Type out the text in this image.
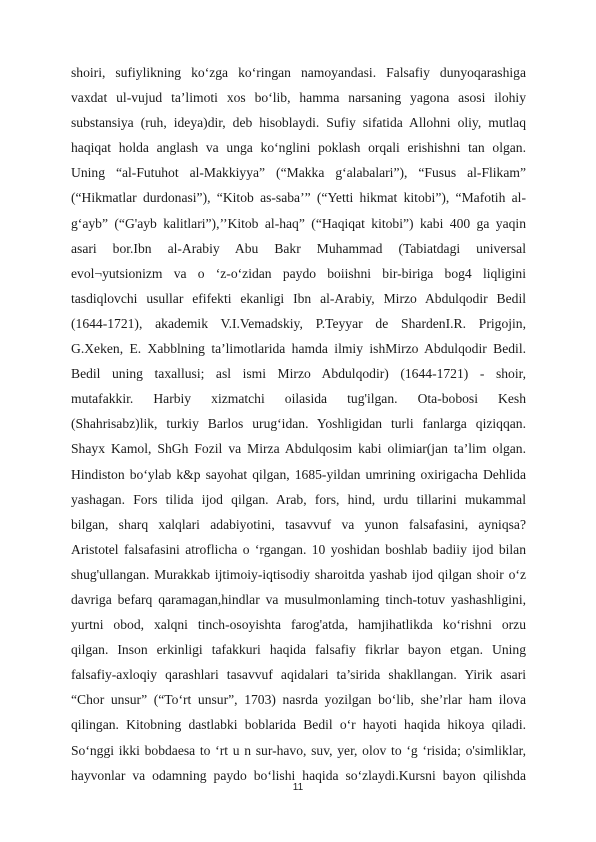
shoiri, sufiylikning ko‘zga ko‘ringan namoyandasi. Falsafiy dunyoqarashiga
vaxdat ul-vujud ta’limoti xos bo‘lib, hamma narsaning yagona asosi ilohiy
substansiya (ruh, ideya)dir, deb hisoblaydi. Sufiy sifatida Allohni oliy, mutlaq
haqiqat holda anglash va unga ko‘nglini poklash orqali erishishni tan olgan.
Uning “al-Futuhot al-Makkiyya” (“Makka g‘alabalari”), “Fusus al-Flikam”
(“Hikmatlar durdonasi”), “Kitob as-saba’” (“Yetti hikmat kitobi”), “Mafotih al-
g‘ayb” (“G'ayb kalitlari”),’’Kitob al-haq” (“Haqiqat kitobi”) kabi 400 ga yaqin
asari bor.Ibn al-Arabiy Abu Bakr Muhammad (Tabiatdagi universal
evol¬yutsionizm va o ‘z-o‘zidan paydo boiishni bir-biriga bog4 liqligini
tasdiqlovchi usullar efifekti ekanligi Ibn al-Arabiy, Mirzo Abdulqodir Bedil
(1644-1721), akademik V.I.Vemadskiy, P.Teyyar de ShardenI.R. Prigojin,
G.Xeken, E. Xabblning ta’limotlarida hamda ilmiy ishMirzo Abdulqodir Bedil.
Bedil uning taxallusi; asl ismi Mirzo Abdulqodir) (1644-1721) - shoir,
mutafakkir. Harbiy xizmatchi oilasida tug'ilgan. Ota-bobosi Kesh
(Shahrisabz)lik, turkiy Barlos urug‘idan. Yoshligidan turli fanlarga qiziqqan.
Shayx Kamol, ShGh Fozil va Mirza Abdulqosim kabi olimiar(jan ta’lim olgan.
Hindiston bo‘ylab k&p sayohat qilgan, 1685-yildan umrining oxirigacha Dehlida
yashagan. Fors tilida ijod qilgan. Arab, fors, hind, urdu tillarini mukammal
bilgan, sharq xalqlari adabiyotini, tasavvuf va yunon falsafasini, ayniqsa?
Aristotel falsafasini atroflicha o ‘rgangan. 10 yoshidan boshlab badiiy ijod bilan
shug'ullangan. Murakkab ijtimoiy-iqtisodiy sharoitda yashab ijod qilgan shoir o‘z
davriga befarq qaramagan,hindlar va musulmonlaming tinch-totuv yashashligini,
yurtni obod, xalqni tinch-osoyishta farog'atda, hamjihatlikda ko‘rishni orzu
qilgan. Inson erkinligi tafakkuri haqida falsafiy fikrlar bayon etgan. Uning
falsafiy-axloqiy qarashlari tasavvuf aqidalari ta’sirida shakllangan. Yirik asari
“Chor unsur” (“To‘rt unsur”, 1703) nasrda yozilgan bo‘lib, she’rlar ham ilova
qilingan. Kitobning dastlabki boblarida Bedil o‘r hayoti haqida hikoya qiladi.
So‘nggi ikki bobdaesa to ‘rt u n sur-havo, suv, yer, olov to ‘g ‘risida; o'simliklar,
hayvonlar va odamning paydo bo‘lishi haqida so‘zlaydi.Kursni bayon qilishda
11
